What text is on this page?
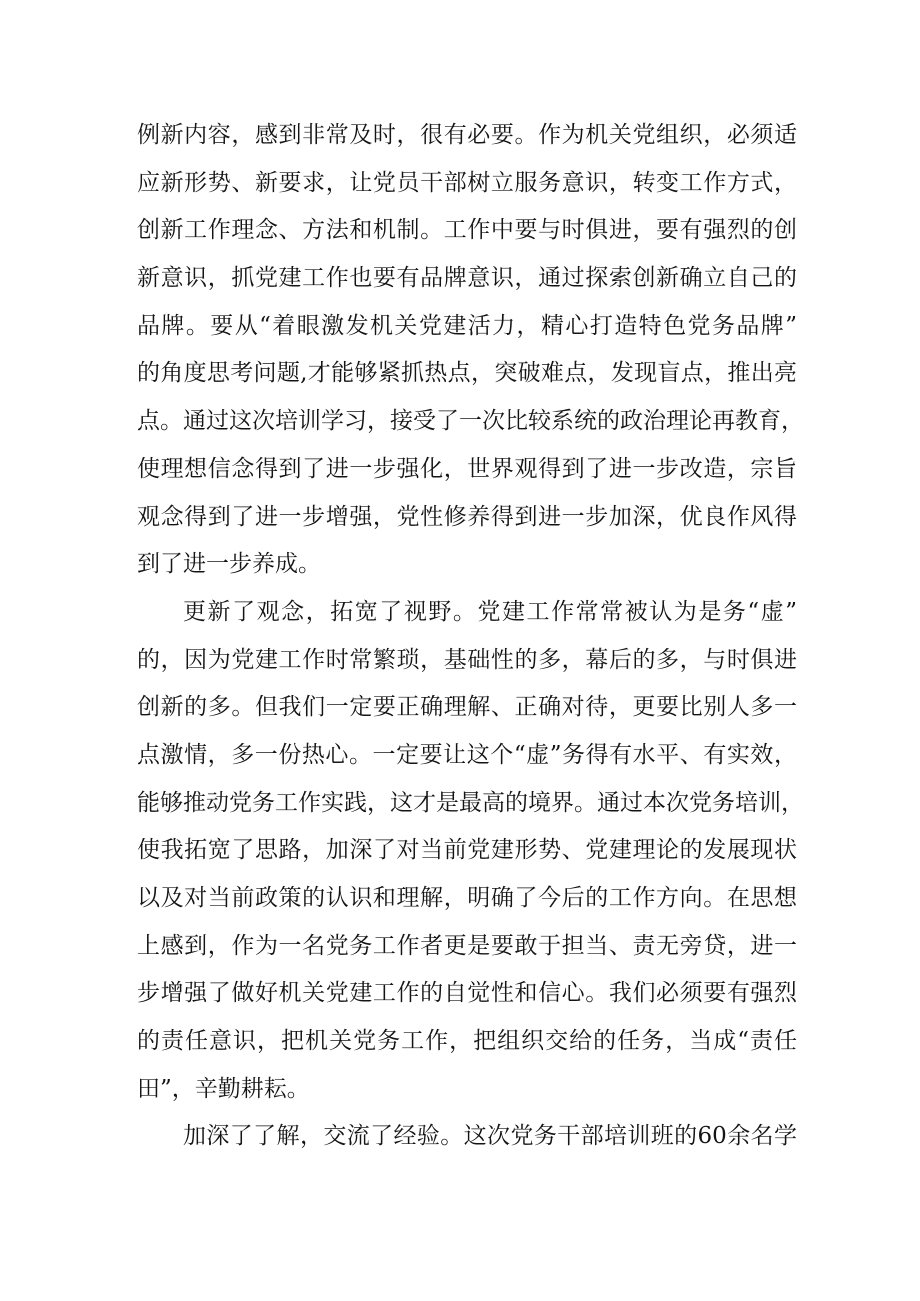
例新内容，感到非常及时，很有必要。作为机关党组织，必须适
应新形势、新要求，让党员干部树立服务意识，转变工作方式，
创新工作理念、方法和机制。工作中要与时俱进，要有强烈的创
新意识，抓党建工作也要有品牌意识，通过探索创新确立自己的
品牌。要从“着眼激发机关党建活力，精心打造特色党务品牌”
的角度思考问题,才能够紧抓热点，突破难点，发现盲点，推出亮
点。通过这次培训学习，接受了一次比较系统的政治理论再教育，
使理想信念得到了进一步强化，世界观得到了进一步改造，宗旨
观念得到了进一步增强，党性修养得到进一步加深，优良作风得
到了进一步养成。
更新了观念，拓宽了视野。党建工作常常被认为是务“虚”
的，因为党建工作时常繁琐，基础性的多，幕后的多，与时俱进
创新的多。但我们一定要正确理解、正确对待，更要比别人多一
点激情，多一份热心。一定要让这个“虚”务得有水平、有实效，
能够推动党务工作实践，这才是最高的境界。通过本次党务培训，
使我拓宽了思路，加深了对当前党建形势、党建理论的发展现状
以及对当前政策的认识和理解，明确了今后的工作方向。在思想
上感到，作为一名党务工作者更是要敢于担当、责无旁贷，进一
步增强了做好机关党建工作的自觉性和信心。我们必须要有强烈
的责任意识，把机关党务工作，把组织交给的任务，当成“责任
田”，辛勤耕耘。
加深了了解，交流了经验。这次党务干部培训班的60余名学
